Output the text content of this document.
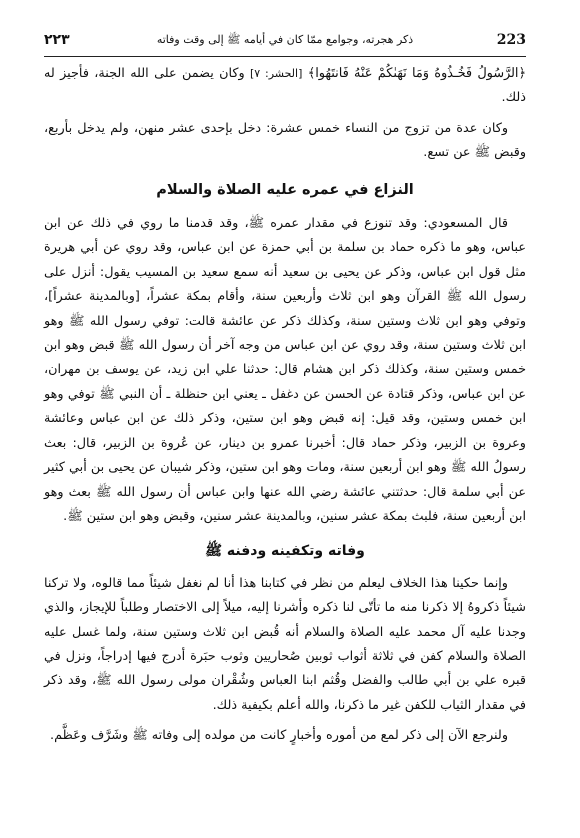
٢٢٣	ذكر هجرته، وجوامع ممّا كان في أيامه ﷺ إلى وقت وفاته	223

﴿الرَّسُولُ فَخُـذُوهُ وَمَا نَهَىٰكُمْ عَنْهُ فَانتَهُوا﴾ [الحشر: ٧] وكان يضمن على الله الجنة، فأجيز له ذلك.

وكان عدة من تزوج من النساء خمس عشرة: دخل بإحدى عشر منهن، ولم يدخل بأربع، وقبض ﷺ عن تسع.

النزاع في عمره عليه الصلاة والسلام

قال المسعودي: وقد تنوزع في مقدار عمره ﷺ، وقد قدمنا ما روي في ذلك عن ابن عباس، وهو ما ذكره حماد بن سلمة بن أبي حمزة عن ابن عباس، وقد روي عن أبي هريرة مثل قول ابن عباس، وذكر عن يحيى بن سعيد أنه سمع سعيد بن المسيب يقول: أنزل على رسول الله ﷺ القرآن وهو ابن ثلاث وأربعين سنة، وأقام بمكة عشراً، [وبالمدينة عشراً]، وتوفي وهو ابن ثلاث وستين سنة، وكذلك ذكر عن عائشة قالت: توفي رسول الله ﷺ وهو ابن ثلاث وستين سنة، وقد روي عن ابن عباس من وجه آخر أن رسول الله ﷺ قبض وهو ابن خمس وستين سنة، وكذلك ذكر ابن هشام قال: حدثنا علي ابن زيد، عن يوسف بن مهران، عن ابن عباس، وذكر قتادة عن الحسن عن دغفل ـ يعني ابن حنظلة ـ أن النبي ﷺ توفي وهو ابن خمس وستين، وقد قيل: إنه قبض وهو ابن ستين، وذكر ذلك عن ابن عباس وعائشة وعروة بن الزبير، وذكر حماد قال: أخبرنا عمرو بن دينار، عن عُروة بن الزبير، قال: بعث رسولُ الله ﷺ وهو ابن أربعين سنة، ومات وهو ابن ستين، وذكر شيبان عن يحيى بن أبي كثير عن أبي سلمة قال: حدثتني عائشة رضي الله عنها وابن عباس أن رسول الله ﷺ بعث وهو ابن أربعين سنة، فلبث بمكة عشر سنين، وبالمدينة عشر سنين، وقبض وهو ابن ستين ﷺ.

وفاته وتكفينه ودفنه ﷺ

وإنما حكينا هذا الخلاف ليعلم من نظر في كتابنا هذا أنا لم نغفل شيئاً مما قالوه، ولا تركنا شيئاً ذكروهُ إلا ذكرنا منه ما تأتّى لنا ذكره وأشرنا إليه، ميلاً إلى الاختصار وطلباً للإيجاز، والذي وجدنا عليه آل محمد عليه الصلاة والسلام أنه قُبض ابن ثلاث وستين سنة، ولما غسل عليه الصلاة والسلام كفن في ثلاثة أثواب ثوبين صُحاريين وثوب حبَرة أدرج فيها إدراجاً، ونزل في قبره علي بن أبي طالب والفضل وقُثم ابنا العباس وشُقْران مولى رسول الله ﷺ، وقد ذكر في مقدار الثياب للكفن غير ما ذكرنا، والله أعلم بكيفية ذلك.

ولنرجع الآن إلى ذكر لمع من أموره وأخبارٍ كانت من مولده إلى وفاته ﷺ وشَرَّف وعَظَّم.
